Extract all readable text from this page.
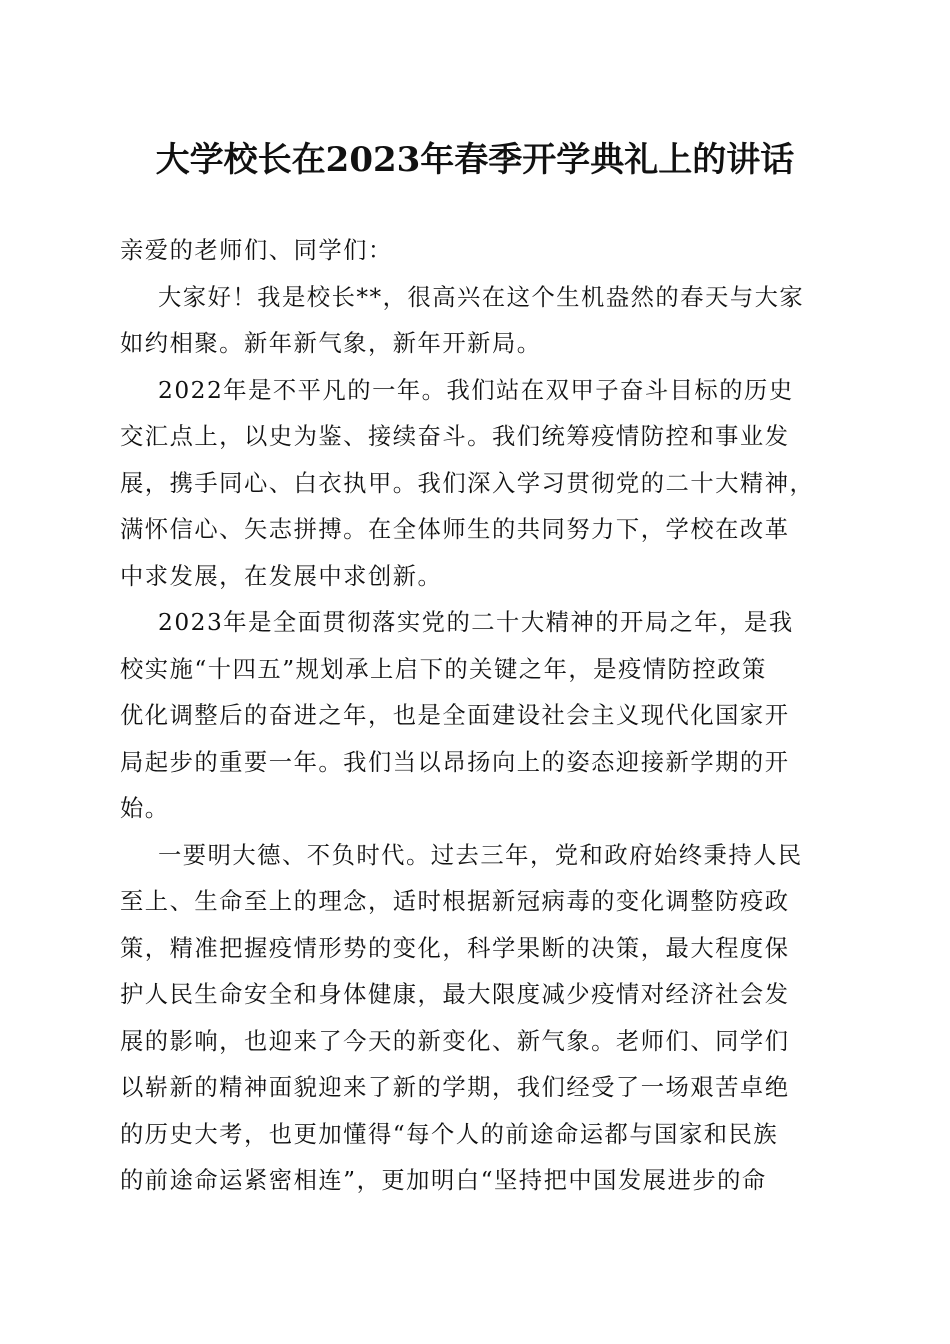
大学校长在2023年春季开学典礼上的讲话
亲爱的老师们、同学们：
大家好！我是校长**，很高兴在这个生机盎然的春天与大家
如约相聚。新年新气象，新年开新局。
2022年是不平凡的一年。我们站在双甲子奋斗目标的历史
交汇点上，以史为鉴、接续奋斗。我们统筹疫情防控和事业发
展，携手同心、白衣执甲。我们深入学习贯彻党的二十大精神，
满怀信心、矢志拼搏。在全体师生的共同努力下，学校在改革
中求发展，在发展中求创新。
2023年是全面贯彻落实党的二十大精神的开局之年，是我
校实施“十四五”规划承上启下的关键之年，是疫情防控政策
优化调整后的奋进之年，也是全面建设社会主义现代化国家开
局起步的重要一年。我们当以昂扬向上的姿态迎接新学期的开
始。
一要明大德、不负时代。过去三年，党和政府始终秉持人民
至上、生命至上的理念，适时根据新冠病毒的变化调整防疫政
策，精准把握疫情形势的变化，科学果断的决策，最大程度保
护人民生命安全和身体健康，最大限度减少疫情对经济社会发
展的影响，也迎来了今天的新变化、新气象。老师们、同学们
以崭新的精神面貌迎来了新的学期，我们经受了一场艰苦卓绝
的历史大考，也更加懂得“每个人的前途命运都与国家和民族
的前途命运紧密相连”，更加明白“坚持把中国发展进步的命
